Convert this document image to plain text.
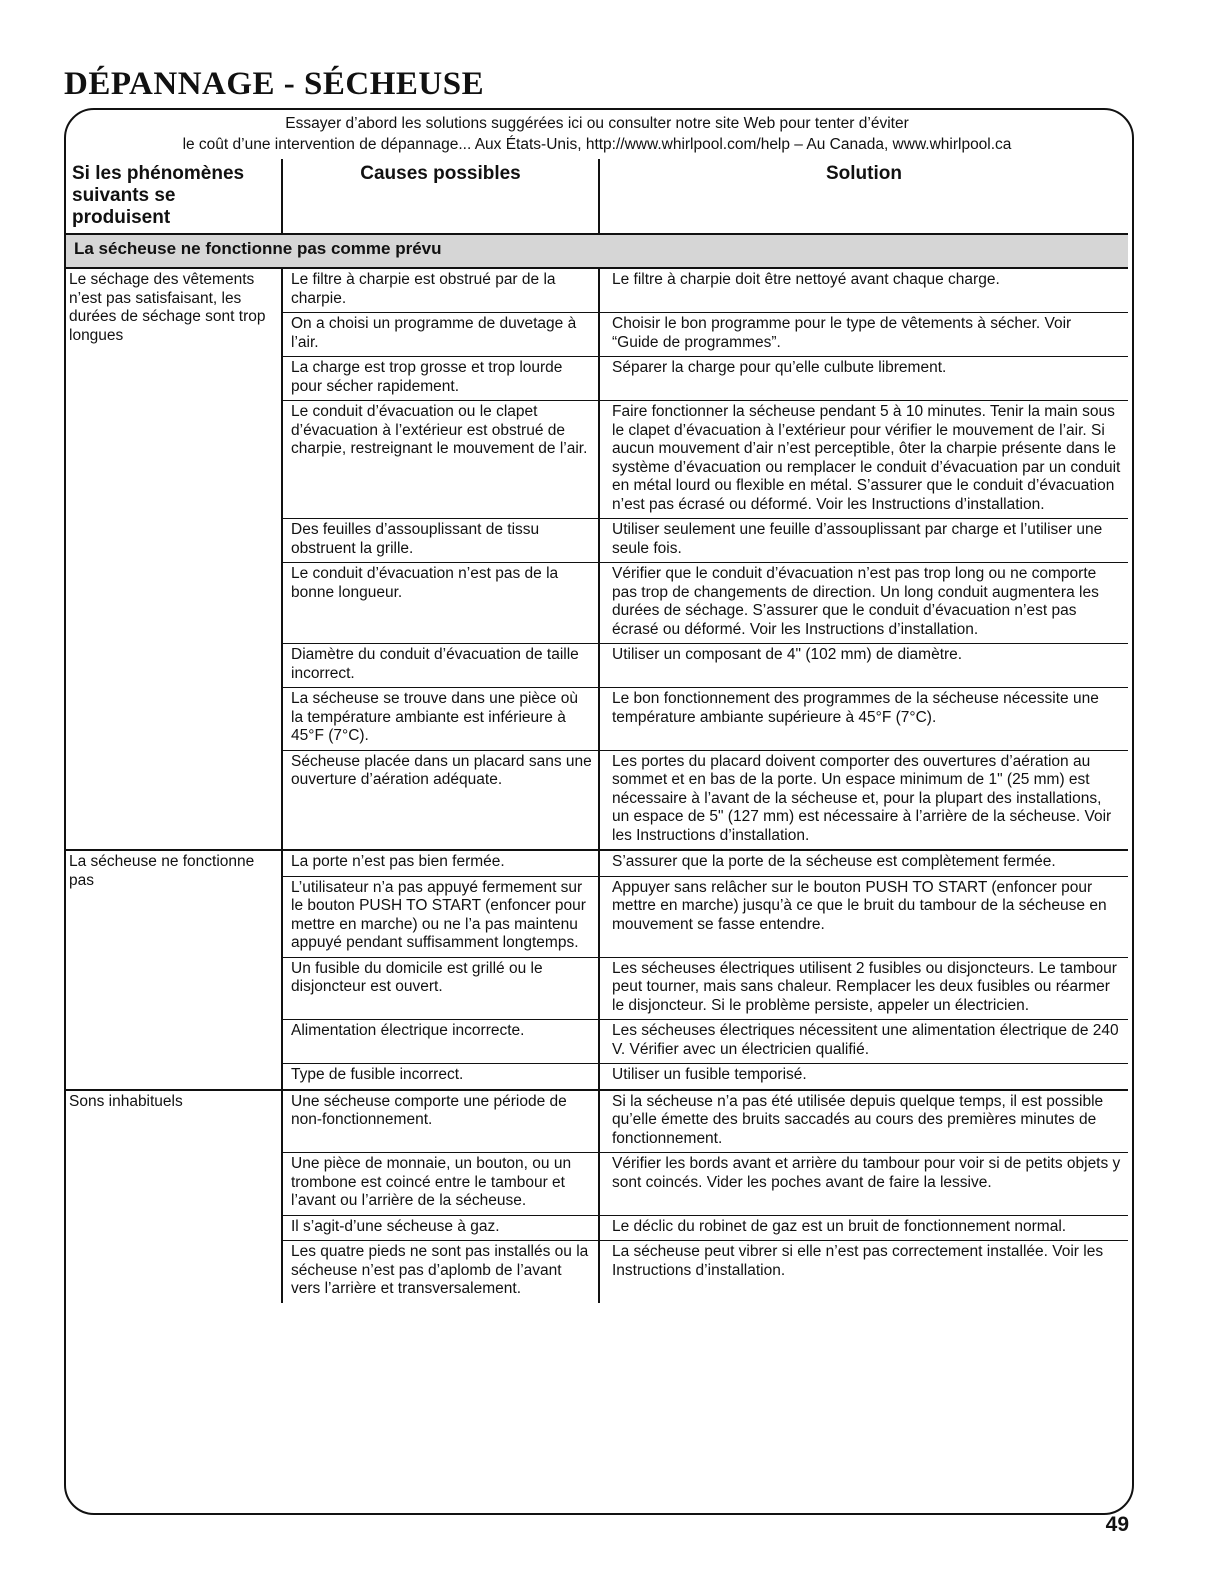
DÉPANNAGE - SÉCHEUSE
Essayer d’abord les solutions suggérées ici ou consulter notre site Web pour tenter d’éviter
le coût d’une intervention de dépannage... Aux États-Unis, http://www.whirlpool.com/help – Au Canada, www.whirlpool.ca
Si les phénomènes suivants se produisent	Causes possibles	Solution
La sécheuse ne fonctionne pas comme prévu		
Le séchage des vêtements n’est pas satisfaisant, les durées de séchage sont trop longues	Le filtre à charpie est obstrué par de la charpie.	Le filtre à charpie doit être nettoyé avant chaque charge.
	On a choisi un programme de duvetage à l’air.	Choisir le bon programme pour le type de vêtements à sécher. Voir “Guide de programmes”.
	La charge est trop grosse et trop lourde pour sécher rapidement.	Séparer la charge pour qu’elle culbute librement.
	Le conduit d’évacuation ou le clapet d’évacuation à l’extérieur est obstrué de charpie, restreignant le mouvement de l’air.	Faire fonctionner la sécheuse pendant 5 à 10 minutes. Tenir la main sous le clapet d’évacuation à l’extérieur pour vérifier le mouvement de l’air. Si aucun mouvement d’air n’est perceptible, ôter la charpie présente dans le système d’évacuation ou remplacer le conduit d’évacuation par un conduit en métal lourd ou flexible en métal. S’assurer que le conduit d’évacuation n’est pas écrasé ou déformé. Voir les Instructions d’installation.
	Des feuilles d’assouplissant de tissu obstruent la grille.	Utiliser seulement une feuille d’assouplissant par charge et l’utiliser une seule fois.
	Le conduit d’évacuation n’est pas de la bonne longueur.	Vérifier que le conduit d’évacuation n’est pas trop long ou ne comporte pas trop de changements de direction. Un long conduit augmentera les durées de séchage. S’assurer que le conduit d’évacuation n’est pas écrasé ou déformé. Voir les Instructions d’installation.
	Diamètre du conduit d’évacuation de taille incorrect.	Utiliser un composant de 4" (102 mm) de diamètre.
	La sécheuse se trouve dans une pièce où la température ambiante est inférieure à 45°F (7°C).	Le bon fonctionnement des programmes de la sécheuse nécessite une température ambiante supérieure à 45°F (7°C).
	Sécheuse placée dans un placard sans une ouverture d’aération adéquate.	Les portes du placard doivent comporter des ouvertures d’aération au sommet et en bas de la porte. Un espace minimum de 1" (25 mm) est nécessaire à l’avant de la sécheuse et, pour la plupart des installations, un espace de 5" (127 mm) est nécessaire à l’arrière de la sécheuse. Voir les Instructions d’installation.
La sécheuse ne fonctionne pas	La porte n’est pas bien fermée.	S’assurer que la porte de la sécheuse est complètement fermée.
	L’utilisateur n’a pas appuyé fermement sur le bouton PUSH TO START (enfoncer pour mettre en marche) ou ne l’a pas maintenu appuyé pendant suffisamment longtemps.	Appuyer sans relâcher sur le bouton PUSH TO START (enfoncer pour mettre en marche) jusqu’à ce que le bruit du tambour de la sécheuse en mouvement se fasse entendre.
	Un fusible du domicile est grillé ou le disjoncteur est ouvert.	Les sécheuses électriques utilisent 2 fusibles ou disjoncteurs. Le tambour peut tourner, mais sans chaleur. Remplacer les deux fusibles ou réarmer le disjoncteur. Si le problème persiste, appeler un électricien.
	Alimentation électrique incorrecte.	Les sécheuses électriques nécessitent une alimentation électrique de 240 V. Vérifier avec un électricien qualifié.
	Type de fusible incorrect.	Utiliser un fusible temporisé.
Sons inhabituels	Une sécheuse comporte une période de non-fonctionnement.	Si la sécheuse n’a pas été utilisée depuis quelque temps, il est possible qu’elle émette des bruits saccadés au cours des premières minutes de fonctionnement.
	Une pièce de monnaie, un bouton, ou un trombone est coincé entre le tambour et l’avant ou l’arrière de la sécheuse.	Vérifier les bords avant et arrière du tambour pour voir si de petits objets y sont coincés. Vider les poches avant de faire la lessive.
	Il s’agit-d’une sécheuse à gaz.	Le déclic du robinet de gaz est un bruit de fonctionnement normal.
	Les quatre pieds ne sont pas installés ou la sécheuse n’est pas d’aplomb de l’avant vers l’arrière et transversalement.	La sécheuse peut vibrer si elle n’est pas correctement installée. Voir les Instructions d’installation.
49
